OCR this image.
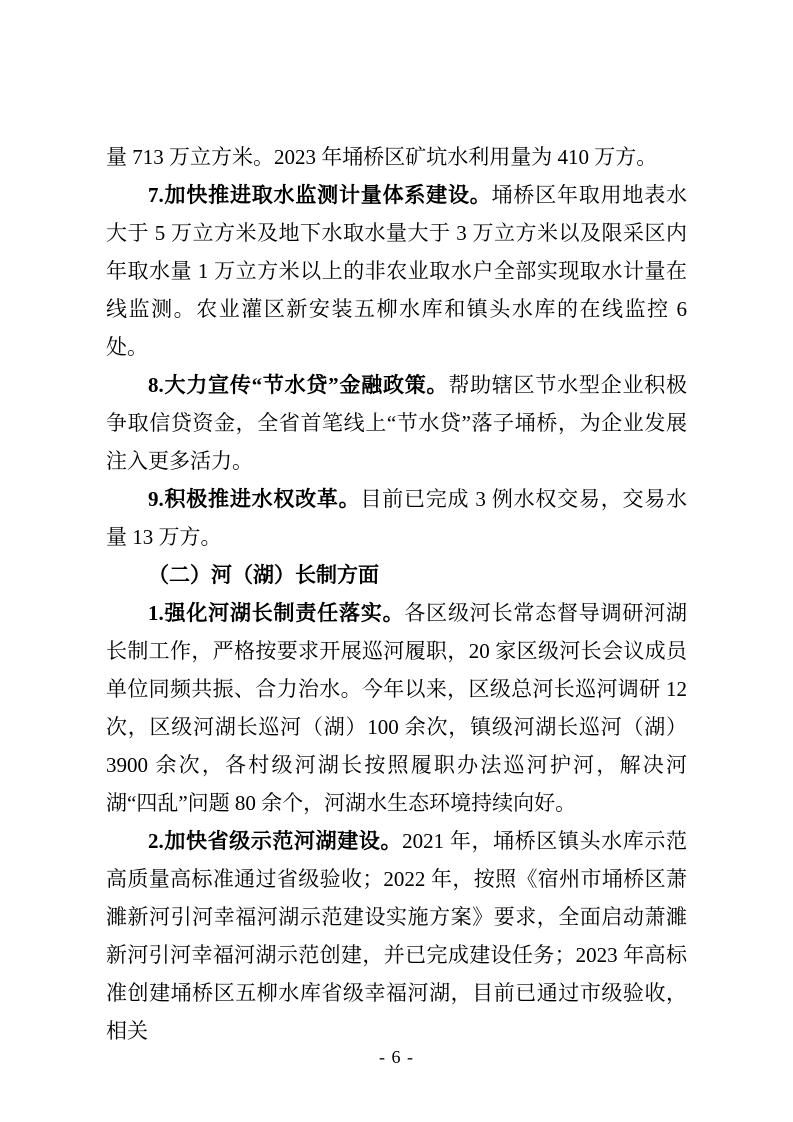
量 713 万立方米。2023 年埇桥区矿坑水利用量为 410 万方。

7.加快推进取水监测计量体系建设。埇桥区年取用地表水大于 5 万立方米及地下水取水量大于 3 万立方米以及限采区内年取水量 1 万立方米以上的非农业取水户全部实现取水计量在线监测。农业灌区新安装五柳水库和镇头水库的在线监控 6 处。

8.大力宣传“节水贷”金融政策。帮助辖区节水型企业积极争取信贷资金，全省首笔线上“节水贷”落子埇桥，为企业发展注入更多活力。

9.积极推进水权改革。目前已完成 3 例水权交易，交易水量 13 万方。

（二）河（湖）长制方面

1.强化河湖长制责任落实。各区级河长常态督导调研河湖长制工作，严格按要求开展巡河履职，20 家区级河长会议成员单位同频共振、合力治水。今年以来，区级总河长巡河调研 12 次，区级河湖长巡河（湖）100 余次，镇级河湖长巡河（湖）3900 余次，各村级河湖长按照履职办法巡河护河，解决河湖“四乱”问题 80 余个，河湖水生态环境持续向好。

2.加快省级示范河湖建设。2021 年，埇桥区镇头水库示范高质量高标准通过省级验收；2022 年，按照《宿州市埇桥区萧濉新河引河幸福河湖示范建设实施方案》要求，全面启动萧濉新河引河幸福河湖示范创建，并已完成建设任务；2023 年高标准创建埇桥区五柳水库省级幸福河湖，目前已通过市级验收，相关

- 6 -
